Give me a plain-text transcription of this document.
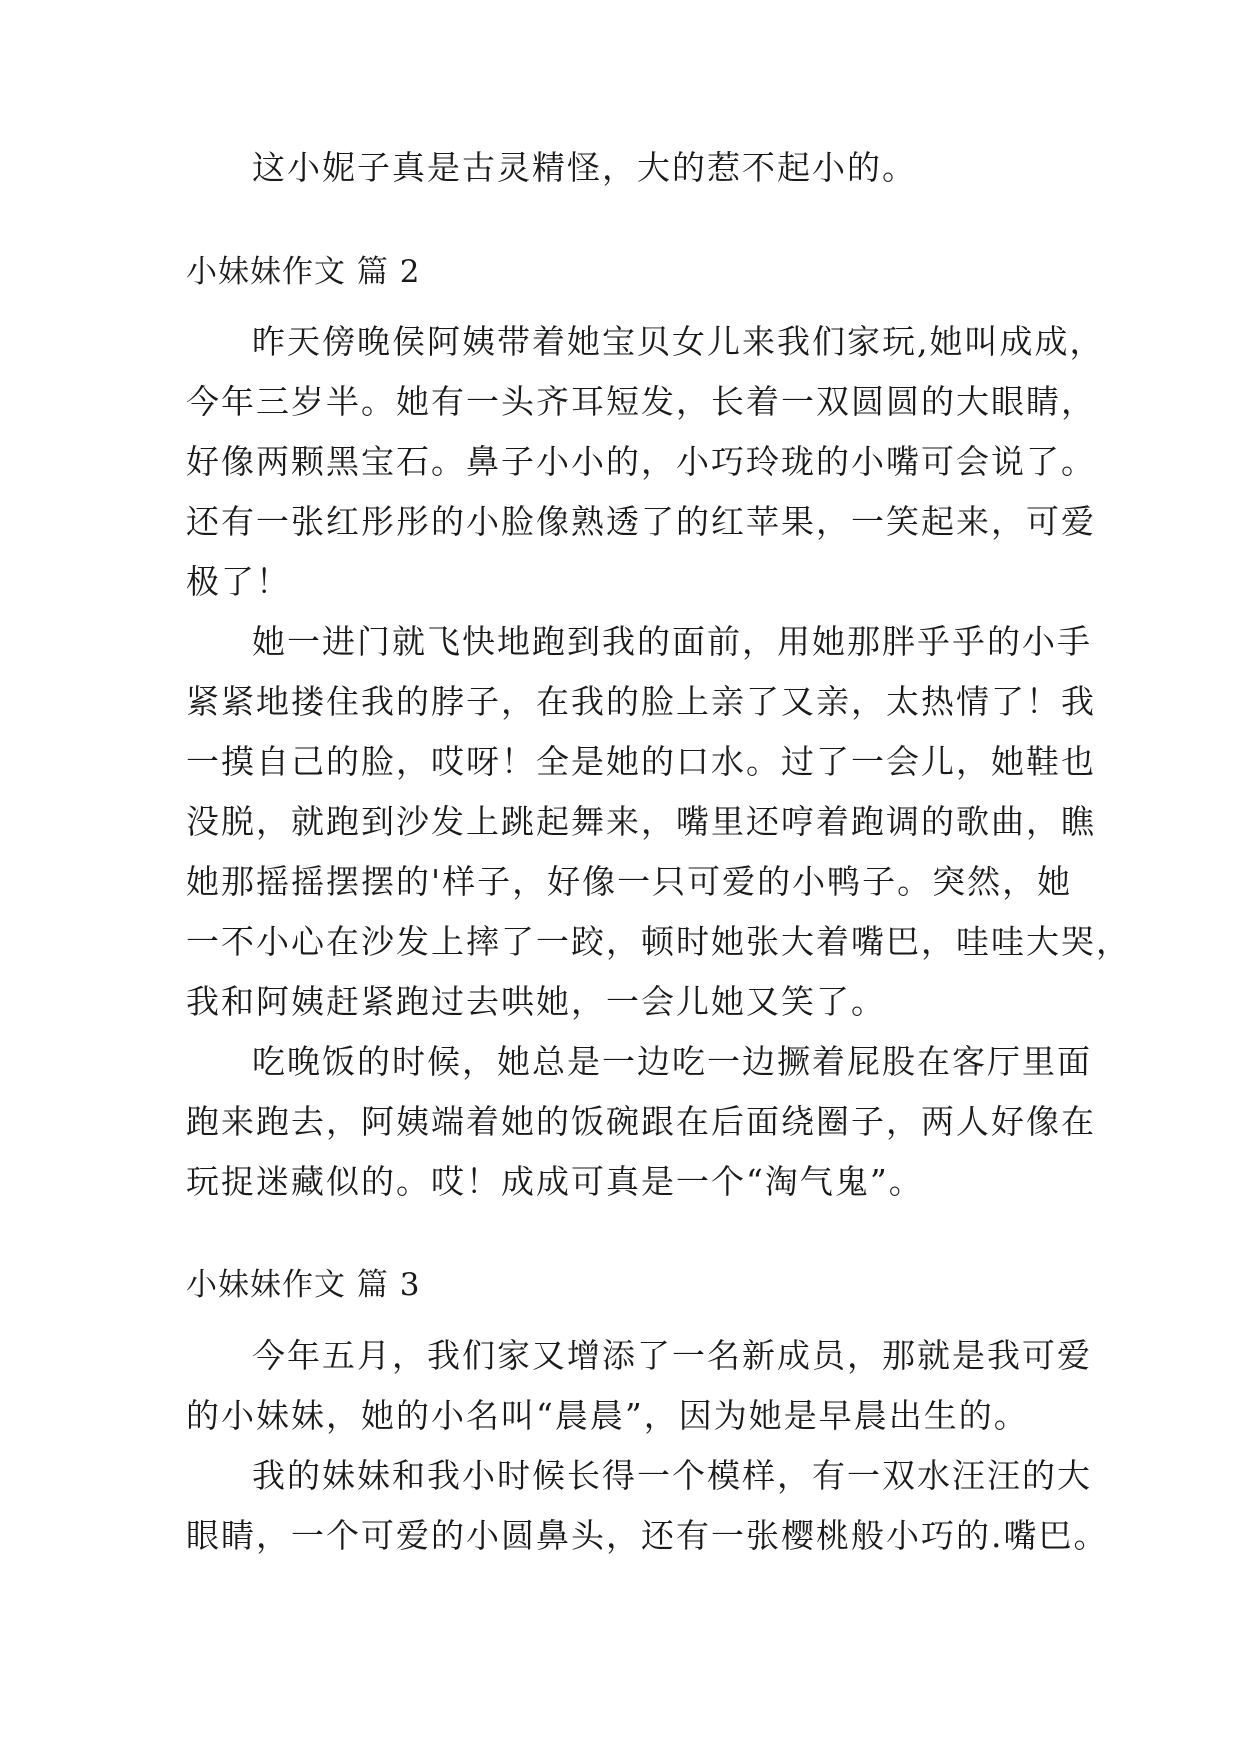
这小妮子真是古灵精怪，大的惹不起小的。
小妹妹作文 篇 2
昨天傍晚侯阿姨带着她宝贝女儿来我们家玩,她叫成成，
今年三岁半。她有一头齐耳短发，长着一双圆圆的大眼睛，
好像两颗黑宝石。鼻子小小的，小巧玲珑的小嘴可会说了。
还有一张红彤彤的小脸像熟透了的红苹果，一笑起来，可爱
极了！
她一进门就飞快地跑到我的面前，用她那胖乎乎的小手
紧紧地搂住我的脖子，在我的脸上亲了又亲，太热情了！我
一摸自己的脸，哎呀！全是她的口水。过了一会儿，她鞋也
没脱，就跑到沙发上跳起舞来，嘴里还哼着跑调的歌曲，瞧
她那摇摇摆摆的'样子，好像一只可爱的小鸭子。突然，她
一不小心在沙发上摔了一跤，顿时她张大着嘴巴，哇哇大哭，
我和阿姨赶紧跑过去哄她，一会儿她又笑了。
吃晚饭的时候，她总是一边吃一边撅着屁股在客厅里面
跑来跑去，阿姨端着她的饭碗跟在后面绕圈子，两人好像在
玩捉迷藏似的。哎！成成可真是一个“淘气鬼”。
小妹妹作文 篇 3
今年五月，我们家又增添了一名新成员，那就是我可爱
的小妹妹，她的小名叫“晨晨”，因为她是早晨出生的。
我的妹妹和我小时候长得一个模样，有一双水汪汪的大
眼睛，一个可爱的小圆鼻头，还有一张樱桃般小巧的.嘴巴。
